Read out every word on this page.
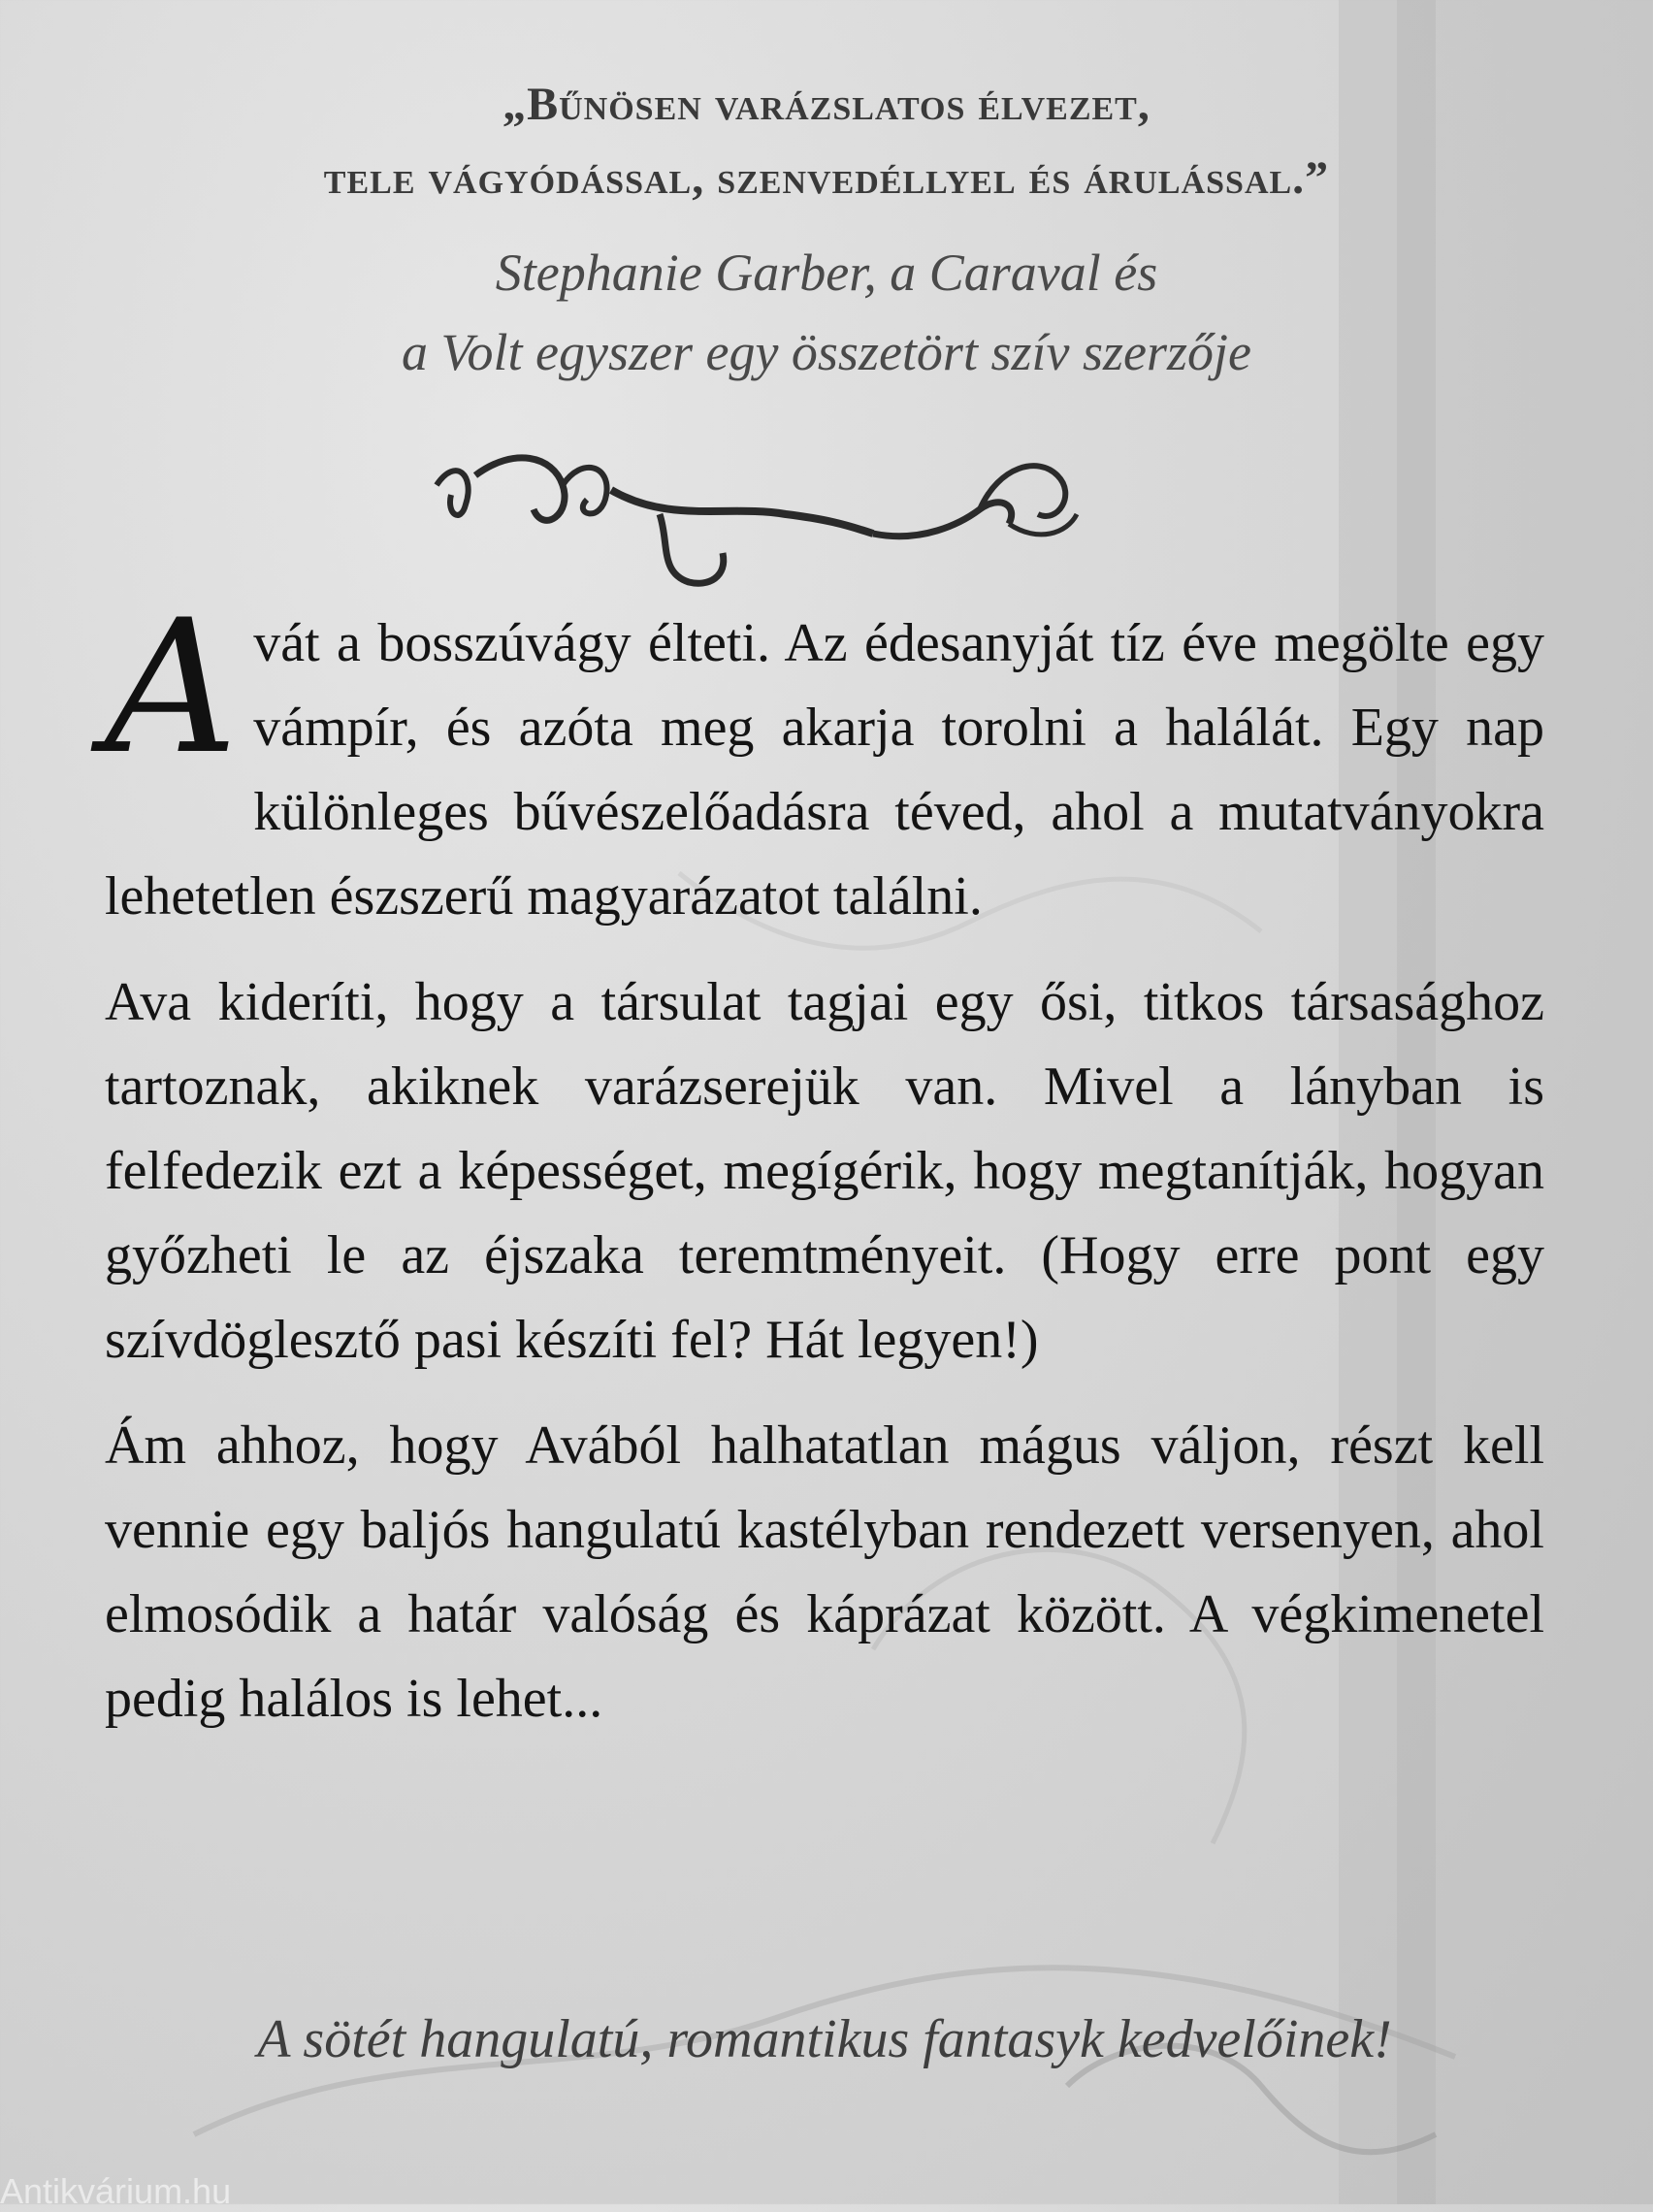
„Bűnösen varázslatos élvezet,
tele vágyódással, szenvedéllyel és árulással.”
Stephanie Garber, a Caraval és
a Volt egyszer egy összetört szív szerzője

Avát a bosszúvágy élteti. Az édesanyját tíz éve megölte egy vámpír, és azóta meg akarja torolni a halálát. Egy nap különleges bűvészelőadásra téved, ahol a mutatványokra lehetetlen észszerű magyarázatot találni.

Ava kideríti, hogy a társulat tagjai egy ősi, titkos társasághoz tartoznak, akiknek varázserejük van. Mivel a lányban is felfedezik ezt a képességet, megígérik, hogy megtanítják, hogyan győzheti le az éjszaka teremtményeit. (Hogy erre pont egy szívdöglesztő pasi készíti fel? Hát legyen!)

Ám ahhoz, hogy Avából halhatatlan mágus váljon, részt kell vennie egy baljós hangulatú kastélyban rendezett versenyen, ahol elmosódik a határ valóság és káprázat között. A végkimenetel pedig halálos is lehet...

A sötét hangulatú, romantikus fantasyk kedvelőinek!
Antikvárium.hu
